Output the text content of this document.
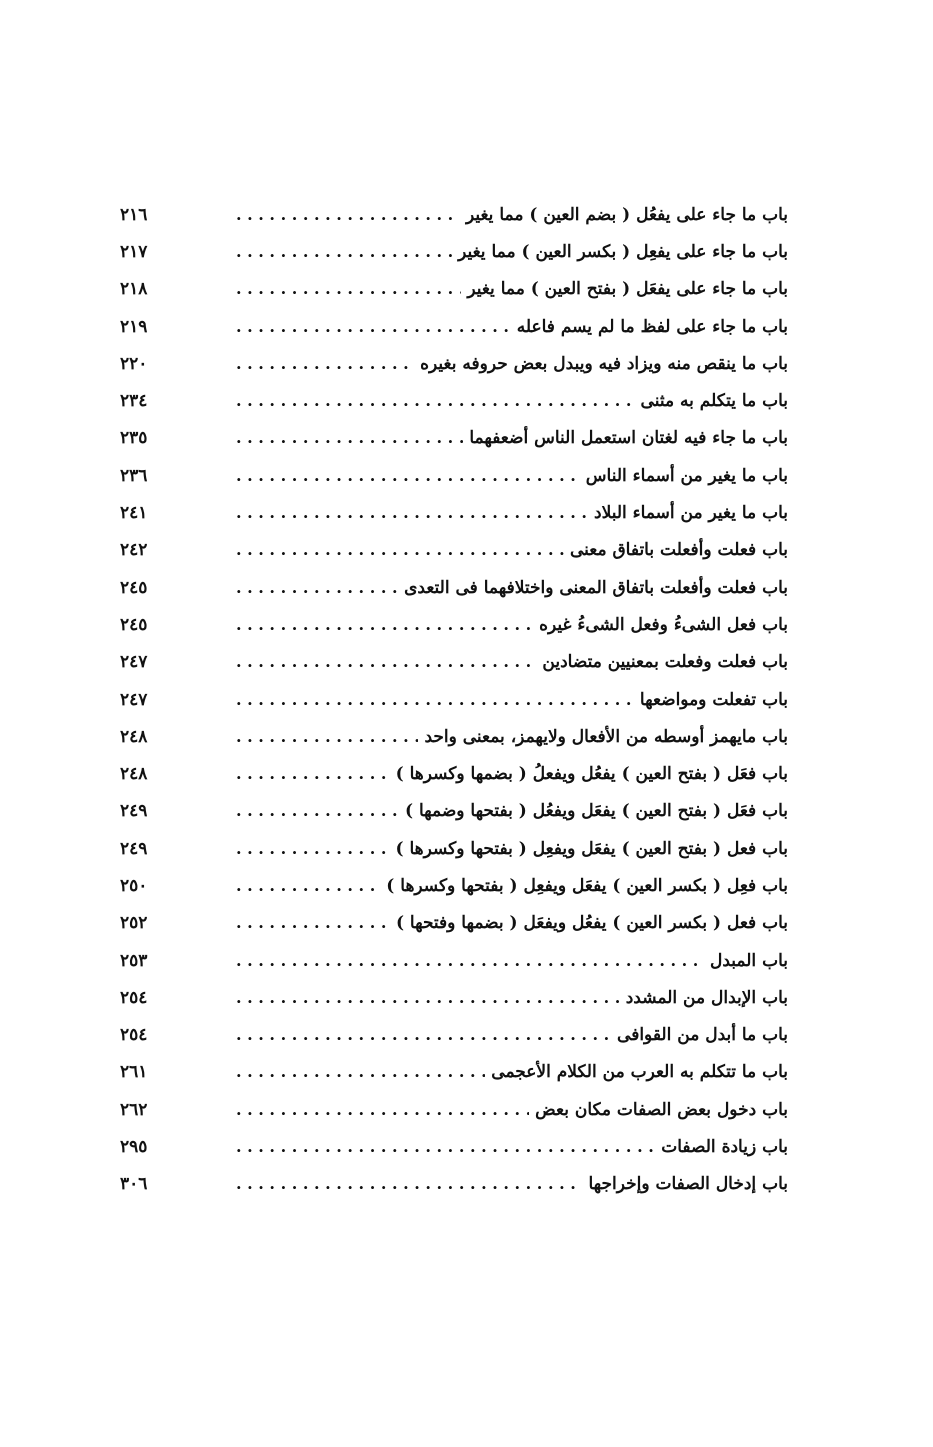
باب ما جاء على يفعُل ( بضم العين ) مما يغير
. . .
٢١٦
باب ما جاء على يفعِل ( بكسر العين ) مما يغير
. . .
٢١٧
باب ما جاء على يفعَل ( بفتح العين ) مما يغير
. . .
٢١٨
باب ما جاء على لفظ ما لم يسم فاعله
. . .
٢١٩
باب ما ينقص منه ويزاد فيه ويبدل بعض حروفه بغيره
. . .
٢٢٠
باب ما يتكلم به مثنى
. . .
٢٣٤
باب ما جاء فيه لغتان استعمل الناس أضعفهما
. . .
٢٣٥
باب ما يغير من أسماء الناس
. . .
٢٣٦
باب ما يغير من أسماء البلاد
. . .
٢٤١
باب فعلت وأفعلت باتفاق معنى
. . .
٢٤٢
باب فعلت وأفعلت باتفاق المعنى واختلافهما فى التعدى
. . .
٢٤٥
باب فعل الشىءُ وفعل الشىءُ غيره
. . .
٢٤٥
باب فعلت وفعلت بمعنيين متضادين
. . .
٢٤٧
باب تفعلت ومواضعها
. . .
٢٤٧
باب مايهمز أوسطه من الأفعال ولايهمز، بمعنى واحد
. . .
٢٤٨
باب فعَل ( بفتح العين ) يفعُل ويفعلُ ( بضمها وكسرها )
. . .
٢٤٨
باب فعَل ( بفتح العين ) يفعَل ويفعُل ( بفتحها وضمها )
. . .
٢٤٩
باب فعل ( بفتح العين ) يفعَل ويفعِل ( بفتحها وكسرها )
. . .
٢٤٩
باب فعِل ( بكسر العين ) يفعَل ويفعِل ( بفتحها وكسرها )
. . .
٢٥٠
باب فعل ( بكسر العين ) يفعُل ويفعَل ( بضمها وفتحها )
. . .
٢٥٢
باب المبدل
. . .
٢٥٣
باب الإبدال من المشدد
. . .
٢٥٤
باب ما أبدل من القوافى
. . .
٢٥٤
باب ما تتكلم به العرب من الكلام الأعجمى
. . .
٢٦١
باب دخول بعض الصفات مكان بعض
. . .
٢٦٢
باب زيادة الصفات
. . .
٢٩٥
باب إدخال الصفات وإخراجها
. . .
٣٠٦
